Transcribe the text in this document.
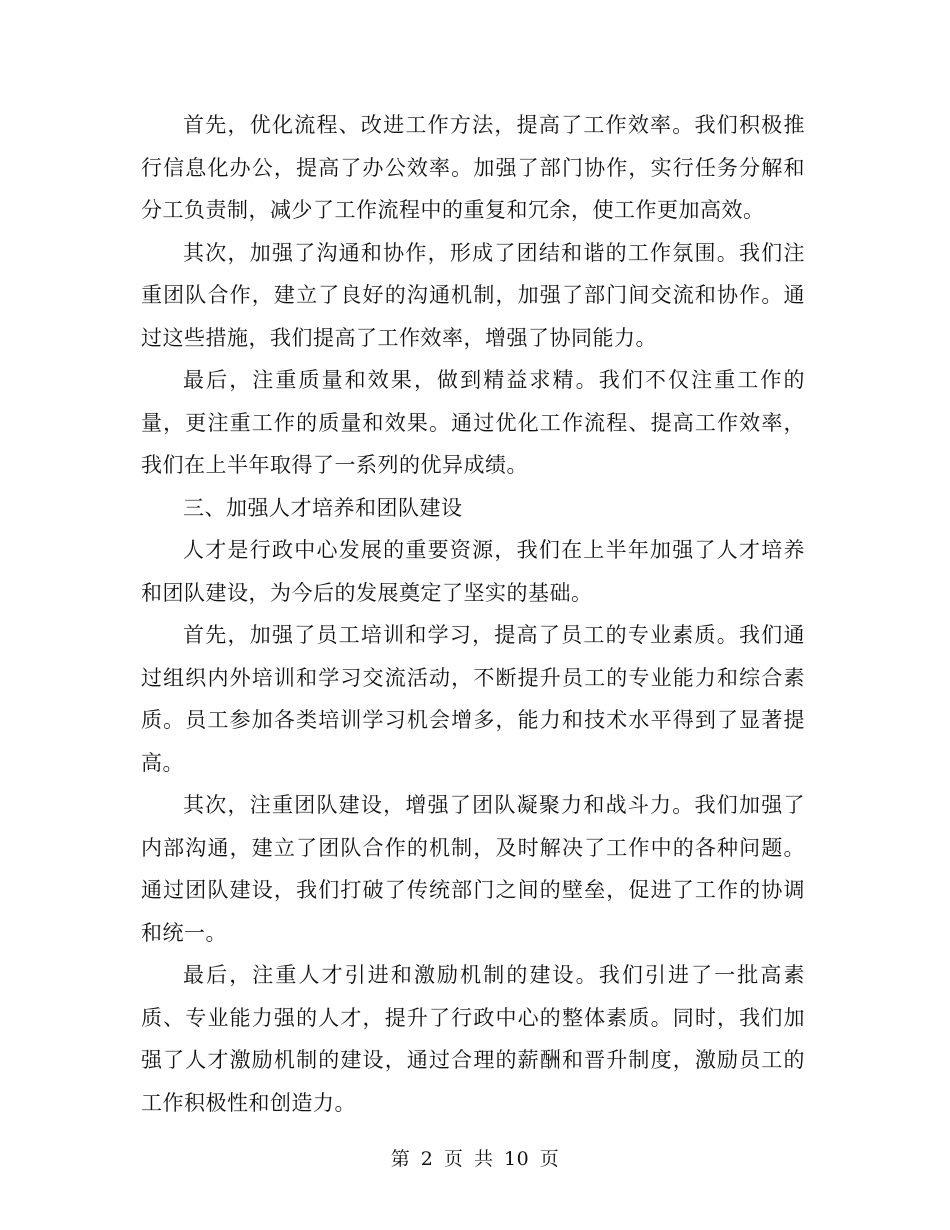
首先，优化流程、改进工作方法，提高了工作效率。我们积极推行信息化办公，提高了办公效率。加强了部门协作，实行任务分解和分工负责制，减少了工作流程中的重复和冗余，使工作更加高效。

其次，加强了沟通和协作，形成了团结和谐的工作氛围。我们注重团队合作，建立了良好的沟通机制，加强了部门间交流和协作。通过这些措施，我们提高了工作效率，增强了协同能力。

最后，注重质量和效果，做到精益求精。我们不仅注重工作的量，更注重工作的质量和效果。通过优化工作流程、提高工作效率，我们在上半年取得了一系列的优异成绩。

三、加强人才培养和团队建设

人才是行政中心发展的重要资源，我们在上半年加强了人才培养和团队建设，为今后的发展奠定了坚实的基础。

首先，加强了员工培训和学习，提高了员工的专业素质。我们通过组织内外培训和学习交流活动，不断提升员工的专业能力和综合素质。员工参加各类培训学习机会增多，能力和技术水平得到了显著提高。

其次，注重团队建设，增强了团队凝聚力和战斗力。我们加强了内部沟通，建立了团队合作的机制，及时解决了工作中的各种问题。通过团队建设，我们打破了传统部门之间的壁垒，促进了工作的协调和统一。

最后，注重人才引进和激励机制的建设。我们引进了一批高素质、专业能力强的人才，提升了行政中心的整体素质。同时，我们加强了人才激励机制的建设，通过合理的薪酬和晋升制度，激励员工的工作积极性和创造力。

第 2 页 共 10 页
